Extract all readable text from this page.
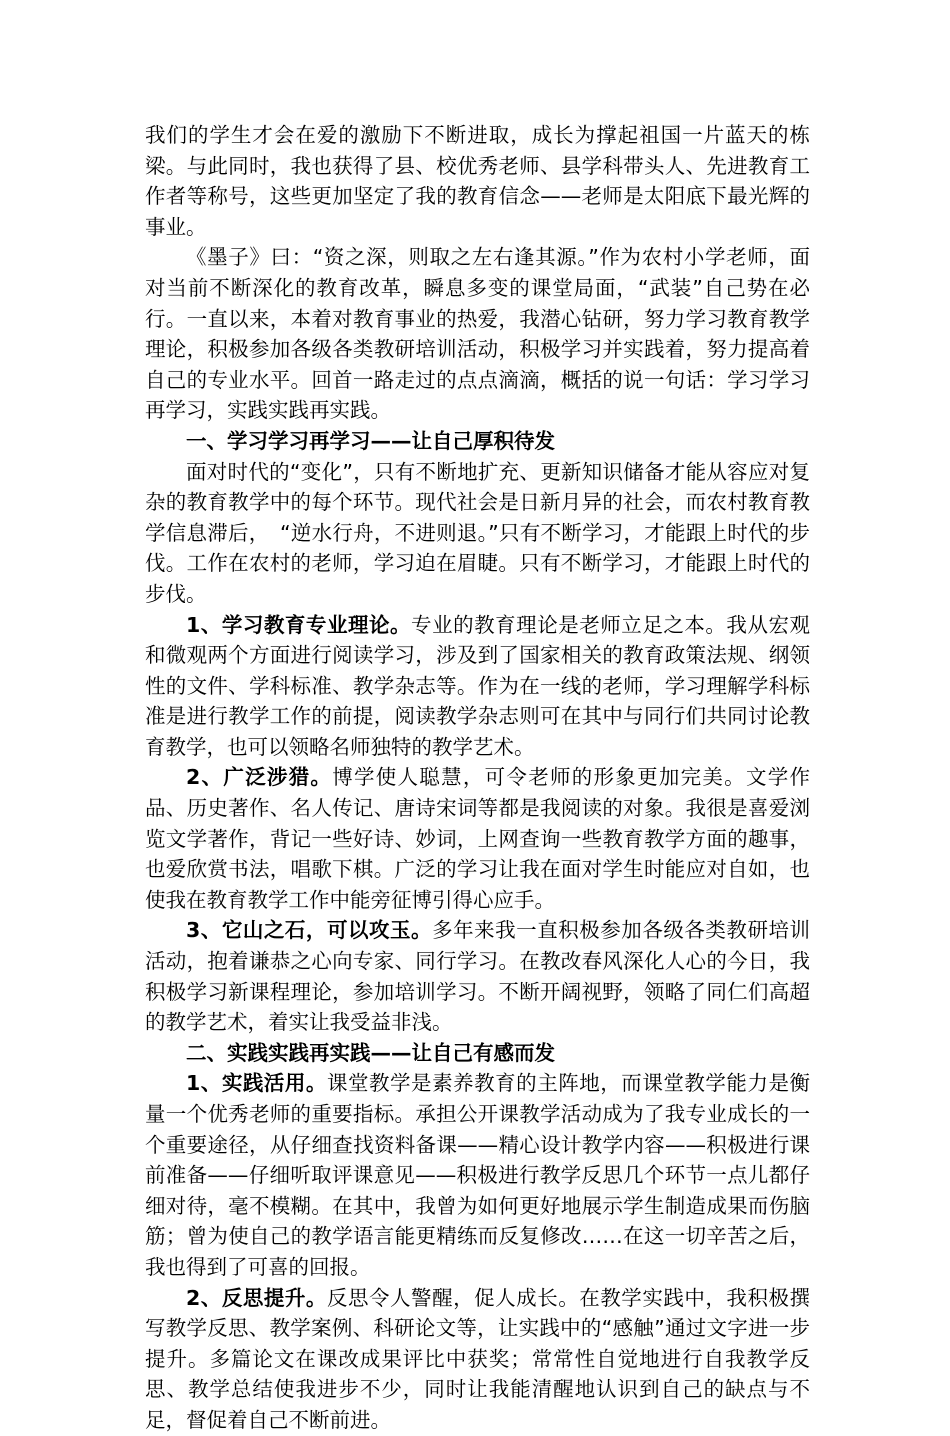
我们的学生才会在爱的激励下不断进取，成长为撑起祖国一片蓝天的栋梁。与此同时，我也获得了县、校优秀老师、县学科带头人、先进教育工作者等称号，这些更加坚定了我的教育信念——老师是太阳底下最光辉的事业。

《墨子》曰：“资之深，则取之左右逢其源。”作为农村小学老师，面对当前不断深化的教育改革，瞬息多变的课堂局面，“武装”自己势在必行。一直以来，本着对教育事业的热爱，我潜心钻研，努力学习教育教学理论，积极参加各级各类教研培训活动，积极学习并实践着，努力提高着自己的专业水平。回首一路走过的点点滴滴，概括的说一句话：学习学习再学习，实践实践再实践。

一、学习学习再学习——让自己厚积待发

面对时代的“变化”，只有不断地扩充、更新知识储备才能从容应对复杂的教育教学中的每个环节。现代社会是日新月异的社会，而农村教育教学信息滞后，　“逆水行舟，不进则退。”只有不断学习，才能跟上时代的步伐。工作在农村的老师，学习迫在眉睫。只有不断学习，才能跟上时代的步伐。

1、学习教育专业理论。专业的教育理论是老师立足之本。我从宏观和微观两个方面进行阅读学习，涉及到了国家相关的教育政策法规、纲领性的文件、学科标准、教学杂志等。作为在一线的老师，学习理解学科标准是进行教学工作的前提，阅读教学杂志则可在其中与同行们共同讨论教育教学，也可以领略名师独特的教学艺术。

2、广泛涉猎。博学使人聪慧，可令老师的形象更加完美。文学作品、历史著作、名人传记、唐诗宋词等都是我阅读的对象。我很是喜爱浏览文学著作，背记一些好诗、妙词，上网查询一些教育教学方面的趣事，也爱欣赏书法，唱歌下棋。广泛的学习让我在面对学生时能应对自如，也使我在教育教学工作中能旁征博引得心应手。

3、它山之石，可以攻玉。多年来我一直积极参加各级各类教研培训活动，抱着谦恭之心向专家、同行学习。在教改春风深化人心的今日，我积极学习新课程理论，参加培训学习。不断开阔视野，领略了同仁们高超的教学艺术，着实让我受益非浅。

二、实践实践再实践——让自己有感而发

1、实践活用。课堂教学是素养教育的主阵地，而课堂教学能力是衡量一个优秀老师的重要指标。承担公开课教学活动成为了我专业成长的一个重要途径，从仔细查找资料备课——精心设计教学内容——积极进行课前准备——仔细听取评课意见——积极进行教学反思几个环节一点儿都仔细对待，毫不模糊。在其中，我曾为如何更好地展示学生制造成果而伤脑筋；曾为使自己的教学语言能更精练而反复修改……在这一切辛苦之后，我也得到了可喜的回报。

2、反思提升。反思令人警醒，促人成长。在教学实践中，我积极撰写教学反思、教学案例、科研论文等，让实践中的“感触”通过文字进一步提升。多篇论文在课改成果评比中获奖；常常性自觉地进行自我教学反思、教学总结使我进步不少，同时让我能清醒地认识到自己的缺点与不足，督促着自己不断前进。
